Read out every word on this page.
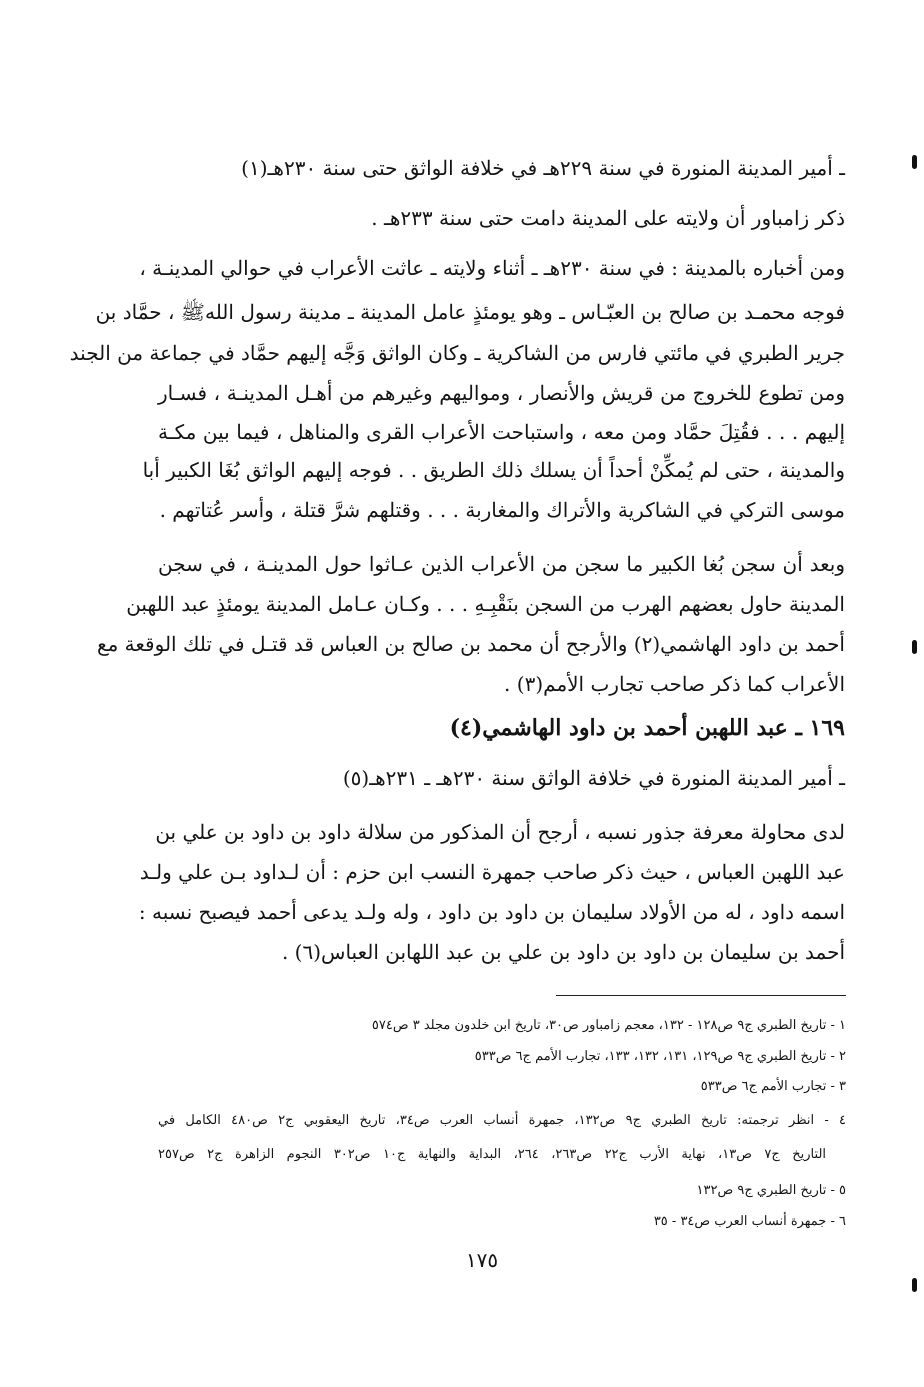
ـ أمير المدينة المنورة في سنة ٢٢٩هـ في خلافة الواثق حتى سنة ٢٣٠هـ(١)
ذكر زامباور أن ولايته على المدينة دامت حتى سنة ٢٣٣هـ .
ومن أخباره بالمدينة : في سنة ٢٣٠هـ ـ أثناء ولايته ـ عاثت الأعراب في حوالي المدينـة ،
فوجه محمـد بن صالح بن العبّـاس ـ وهو يومئذٍ عامل المدينة ـ مدينة رسول اللهﷺ ، حمَّاد بن
جرير الطبري في مائتي فارس من الشاكرية ـ وكان الواثق وَجَّه إليهم حمَّاد في جماعة من الجند
ومن تطوع للخروج من قريش والأنصار ، ومواليهم وغيرهم من أهـل المدينـة ، فسـار
إليهم . . . فقُتِلَ حمَّاد ومن معه ، واستباحت الأعراب القرى والمناهل ، فيما بين مكـة
والمدينة ، حتى لم يُمكِّنْ أحداً أن يسلك ذلك الطريق . . فوجه إليهم الواثق بُغَا الكبير أبا
موسى التركي في الشاكرية والأتراك والمغاربة . . . وقتلهم شرَّ قتلة ، وأسر عُتاتهم .
وبعد أن سجن بُغا الكبير ما سجن من الأعراب الذين عـاثوا حول المدينـة ، في سجن
المدينة حاول بعضهم الهرب من السجن بنَقْبِـهِ . . . وكـان عـامل المدينة يومئذٍ عبد اللهبن
أحمد بن داود الهاشمي(٢) والأرجح أن محمد بن صالح بن العباس قد قتـل في تلك الوقعة مع
الأعراب كما ذكر صاحب تجارب الأمم(٣) .
١٦٩ ـ عبد اللهبن أحمد بن داود الهاشمي(٤)
ـ أمير المدينة المنورة في خلافة الواثق سنة ٢٣٠هـ ـ ٢٣١هـ(٥)
لدى محاولة معرفة جذور نسبه ، أرجح أن المذكور من سلالة داود بن داود بن علي بن
عبد اللهبن العباس ، حيث ذكر صاحب جمهرة النسب ابن حزم : أن لـداود بـن علي ولـد
اسمه داود ، له من الأولاد سليمان بن داود بن داود ، وله ولـد يدعى أحمد فيصبح نسبه :
أحمد بن سليمان بن داود بن داود بن علي بن عبد اللهابن العباس(٦) .
١ - تاريخ الطبري ج٩ ص١٢٨ - ١٣٢، معجم زامباور ص٣٠، تاريخ ابن خلدون مجلد ٣ ص٥٧٤
٢ - تاريخ الطبري ج٩ ص١٢٩، ١٣١، ١٣٢، ١٣٣، تجارب الأمم ج٦ ص٥٣٣
٣ - تجارب الأمم ج٦ ص٥٣٣
٤ - انظر ترجمته: تاريخ الطبري ج٩ ص١٣٢، جمهرة أنساب العرب ص٣٤، تاريخ اليعقوبي ج٢ ص٤٨٠ الكامل في
التاريخ ج٧ ص١٣، نهاية الأرب ج٢٢ ص٢٦٣، ٢٦٤، البداية والنهاية ج١٠ ص٣٠٢ النجوم الزاهرة ج٢ ص٢٥٧
٥ - تاريخ الطبري ج٩ ص١٣٢
٦ - جمهرة أنساب العرب ص٣٤ - ٣٥
١٧٥
